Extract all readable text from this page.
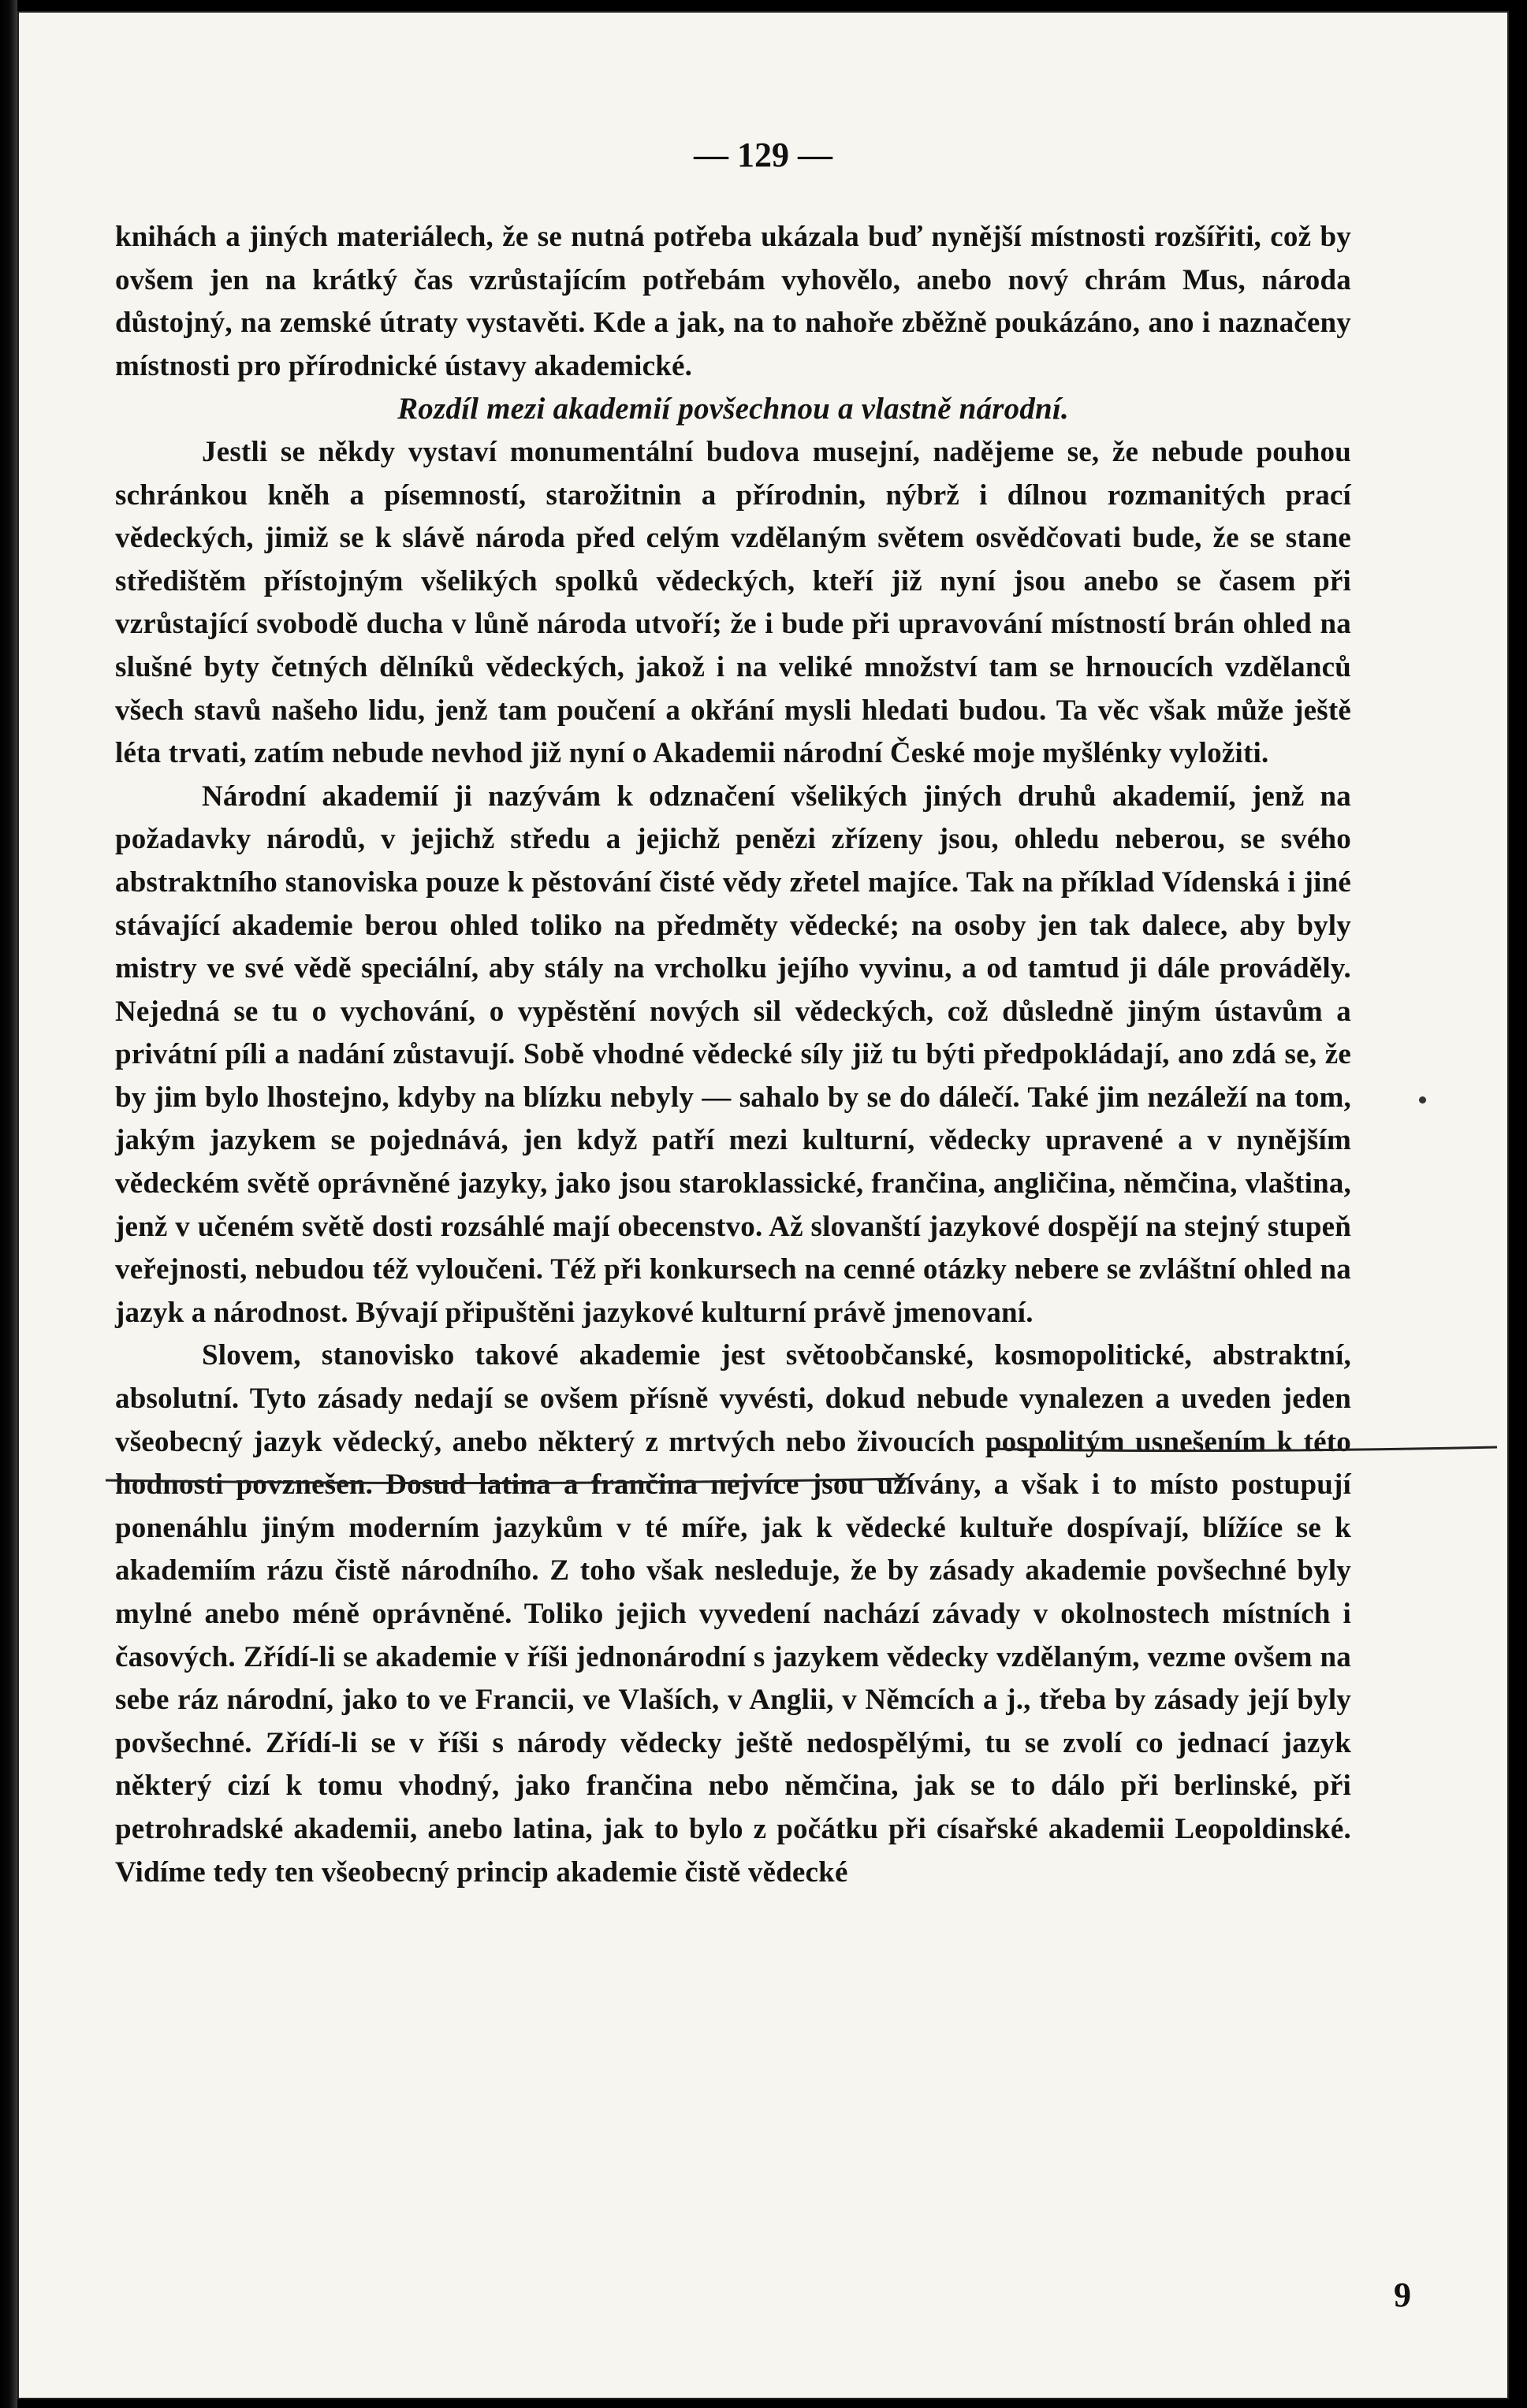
— 129 —

knihách a jiných materiálech, že se nutná potřeba ukázala buď nynější místnosti rozšířiti, což by ovšem jen na krátký čas vzrůstajícím potřebám vyhovělo, anebo nový chrám Mus, národa důstojný, na zemské útraty vystavěti. Kde a jak, na to nahoře zběžně poukázáno, ano i naznačeny místnosti pro přírodnické ústavy akademické.

Rozdíl mezi akademií povšechnou a vlastně národní.

Jestli se někdy vystaví monumentální budova musejní, nadějeme se, že nebude pouhou schránkou kněh a písemností, starožitnin a přírodnin, nýbrž i dílnou rozmanitých prací vědeckých, jimiž se k slávě národa před celým vzdělaným světem osvědčovati bude, že se stane středištěm přístojným všelikých spolků vědeckých, kteří již nyní jsou anebo se časem při vzrůstající svobodě ducha v lůně národa utvoří; že i bude při upravování místností brán ohled na slušné byty četných dělníků vědeckých, jakož i na veliké množství tam se hrnoucích vzdělanců všech stavů našeho lidu, jenž tam poučení a okřání mysli hledati budou. Ta věc však může ještě léta trvati, zatím nebude nevhod již nyní o Akademii národní České moje myšlénky vyložiti.

Národní akademií ji nazývám k odznačení všelikých jiných druhů akademií, jenž na požadavky národů, v jejichž středu a jejichž penězi zřízeny jsou, ohledu neberou, se svého abstraktního stanoviska pouze k pěstování čisté vědy zřetel majíce. Tak na příklad Vídenská i jiné stávající akademie berou ohled toliko na předměty vědecké; na osoby jen tak dalece, aby byly mistry ve své vědě speciální, aby stály na vrcholku jejího vyvinu, a od tamtud ji dále prováděly. Nejedná se tu o vychování, o vypěstění nových sil vědeckých, což důsledně jiným ústavům a privátní píli a nadání zůstavují. Sobě vhodné vědecké síly již tu býti předpokládají, ano zdá se, že by jim bylo lhostejno, kdyby na blízku nebyly — sahalo by se do dálečí. Také jim nezáleží na tom, jakým jazykem se pojednává, jen když patří mezi kulturní, vědecky upravené a v nynějším vědeckém světě oprávněné jazyky, jako jsou staroklassické, frančina, angličina, němčina, vlaština, jenž v učeném světě dosti rozsáhlé mají obecenstvo. Až slovanští jazykové dospějí na stejný stupeň veřejnosti, nebudou též vyloučeni. Též při konkursech na cenné otázky nebere se zvláštní ohled na jazyk a národnost. Bývají připuštěni jazykové kulturní právě jmenovaní.

Slovem, stanovisko takové akademie jest světoobčanské, kosmopolitické, abstraktní, absolutní. Tyto zásady nedají se ovšem přísně vyvésti, dokud nebude vynalezen a uveden jeden všeobecný jazyk vědecký, anebo některý z mrtvých nebo živoucích pospolitým usnešením k této hodnosti povznešen. Dosud latina a frančina nejvíce jsou užívány, a však i to místo postupují ponenáhlu jiným moderním jazykům v té míře, jak k vědecké kultuře dospívají, blížíce se k akademiím rázu čistě národního. Z toho však nesleduje, že by zásady akademie povšechné byly mylné anebo méně oprávněné. Toliko jejich vyvedení nachází závady v okolnostech místních i časových. Zřídí-li se akademie v říši jednonárodní s jazykem vědecky vzdělaným, vezme ovšem na sebe ráz národní, jako to ve Francii, ve Vlaších, v Anglii, v Němcích a j., třeba by zásady její byly povšechné. Zřídí-li se v říši s národy vědecky ještě nedospělými, tu se zvolí co jednací jazyk některý cizí k tomu vhodný, jako frančina nebo němčina, jak se to dálo při berlinské, při petrohradské akademii, anebo latina, jak to bylo z počátku při císařské akademii Leopoldinské. Vidíme tedy ten všeobecný princip akademie čistě vědecké

9
